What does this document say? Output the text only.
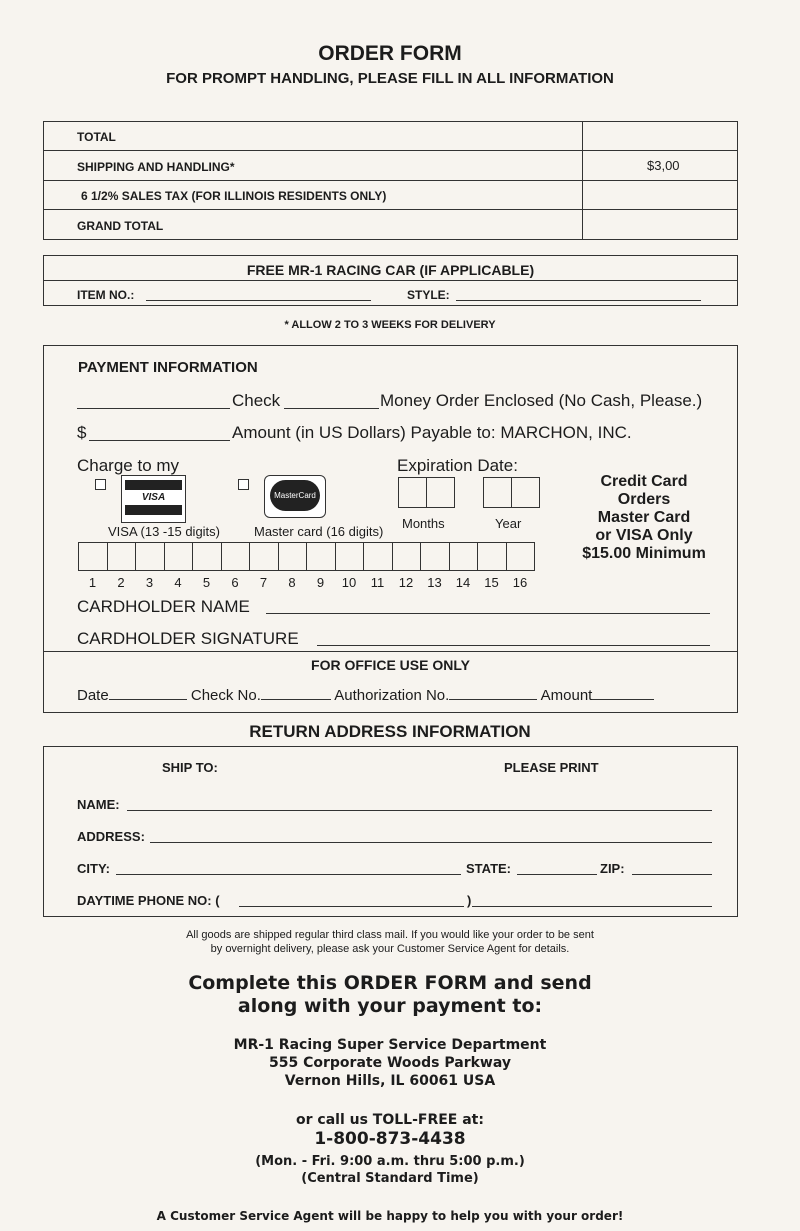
ORDER FORM
FOR PROMPT HANDLING, PLEASE FILL IN ALL INFORMATION
TOTAL
SHIPPING AND HANDLING*	$3,00
6 1/2% SALES TAX (FOR ILLINOIS RESIDENTS ONLY)
GRAND TOTAL
FREE MR-1 RACING CAR (IF APPLICABLE)
ITEM NO.:	STYLE:
* ALLOW 2 TO 3 WEEKS FOR DELIVERY
PAYMENT INFORMATION
Check	Money Order Enclosed (No Cash, Please.)
$	Amount (in US Dollars) Payable to: MARCHON, INC.
Charge to my
VISA	MasterCard
VISA (13 -15 digits)	Master card (16 digits)
Expiration Date:
Months	Year
Credit Card
Orders
Master Card
or VISA Only
$15.00 Minimum
1	2	3	4	5	6	7	8	9	10	11	12	13	14	15	16
CARDHOLDER NAME
CARDHOLDER SIGNATURE
FOR OFFICE USE ONLY
Date	Check No.	Authorization No.	Amount
RETURN ADDRESS INFORMATION
SHIP TO:	PLEASE PRINT
NAME:
ADDRESS:
CITY:	STATE:	ZIP:
DAYTIME PHONE NO: (	)
All goods are shipped regular third class mail. If you would like your order to be sent
by overnight delivery, please ask your Customer Service Agent for details.
Complete this ORDER FORM and send
along with your payment to:
MR-1 Racing Super Service Department
555 Corporate Woods Parkway
Vernon Hills, IL 60061 USA
or call us TOLL-FREE at:
1-800-873-4438
(Mon. - Fri. 9:00 a.m. thru 5:00 p.m.)
(Central Standard Time)
A Customer Service Agent will be happy to help you with your order!
